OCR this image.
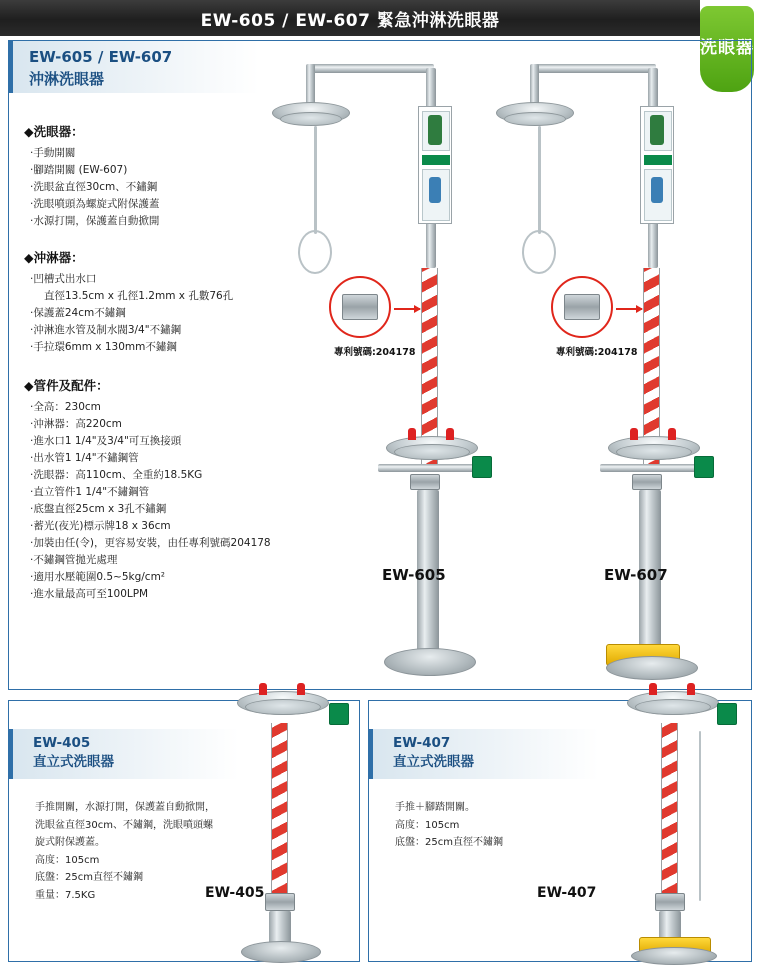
EW-605 / EW-607 緊急沖淋洗眼器
洗眼器
EW-605 / EW-607
沖淋洗眼器
◆洗眼器：
·手動開關
·腳踏開關 (EW-607)
·洗眼盆直徑30cm、不鏽鋼
·洗眼噴頭為螺旋式附保護蓋
·水源打開，保護蓋自動掀開
◆沖淋器：
·凹槽式出水口
直徑13.5cm x 孔徑1.2mm x 孔數76孔
·保護蓋24cm不鏽鋼
·沖淋進水管及制水閥3/4"不鏽鋼
·手拉環6mm x 130mm不鏽鋼
◆管件及配件：
·全高：230cm
·沖淋器：高220cm
·進水口1 1/4"及3/4"可互換接頭
·出水管1 1/4"不鏽鋼管
·洗眼器：高110cm、全重約18.5KG
·直立管件1 1/4"不鏽鋼管
·底盤直徑25cm x 3孔不鏽鋼
·蓄光(夜光)標示牌18 x 36cm
·加裝由任(令)，更容易安裝，由任專利號碼204178
·不鏽鋼管拋光處理
·適用水壓範圍0.5~5kg/cm²
·進水量最高可至100LPM
專利號碼:204178
EW-605
專利號碼:204178
EW-607
EW-405
直立式洗眼器
手推開關，水源打開，保護蓋自動掀開，
洗眼盆直徑30cm、不鏽鋼，洗眼噴頭螺
旋式附保護蓋。
高度：105cm
底盤：25cm直徑不鏽鋼
重量：7.5KG	EW-405
EW-407
直立式洗眼器
手推＋腳踏開關。
高度：105cm
底盤：25cm直徑不鏽鋼
EW-407
